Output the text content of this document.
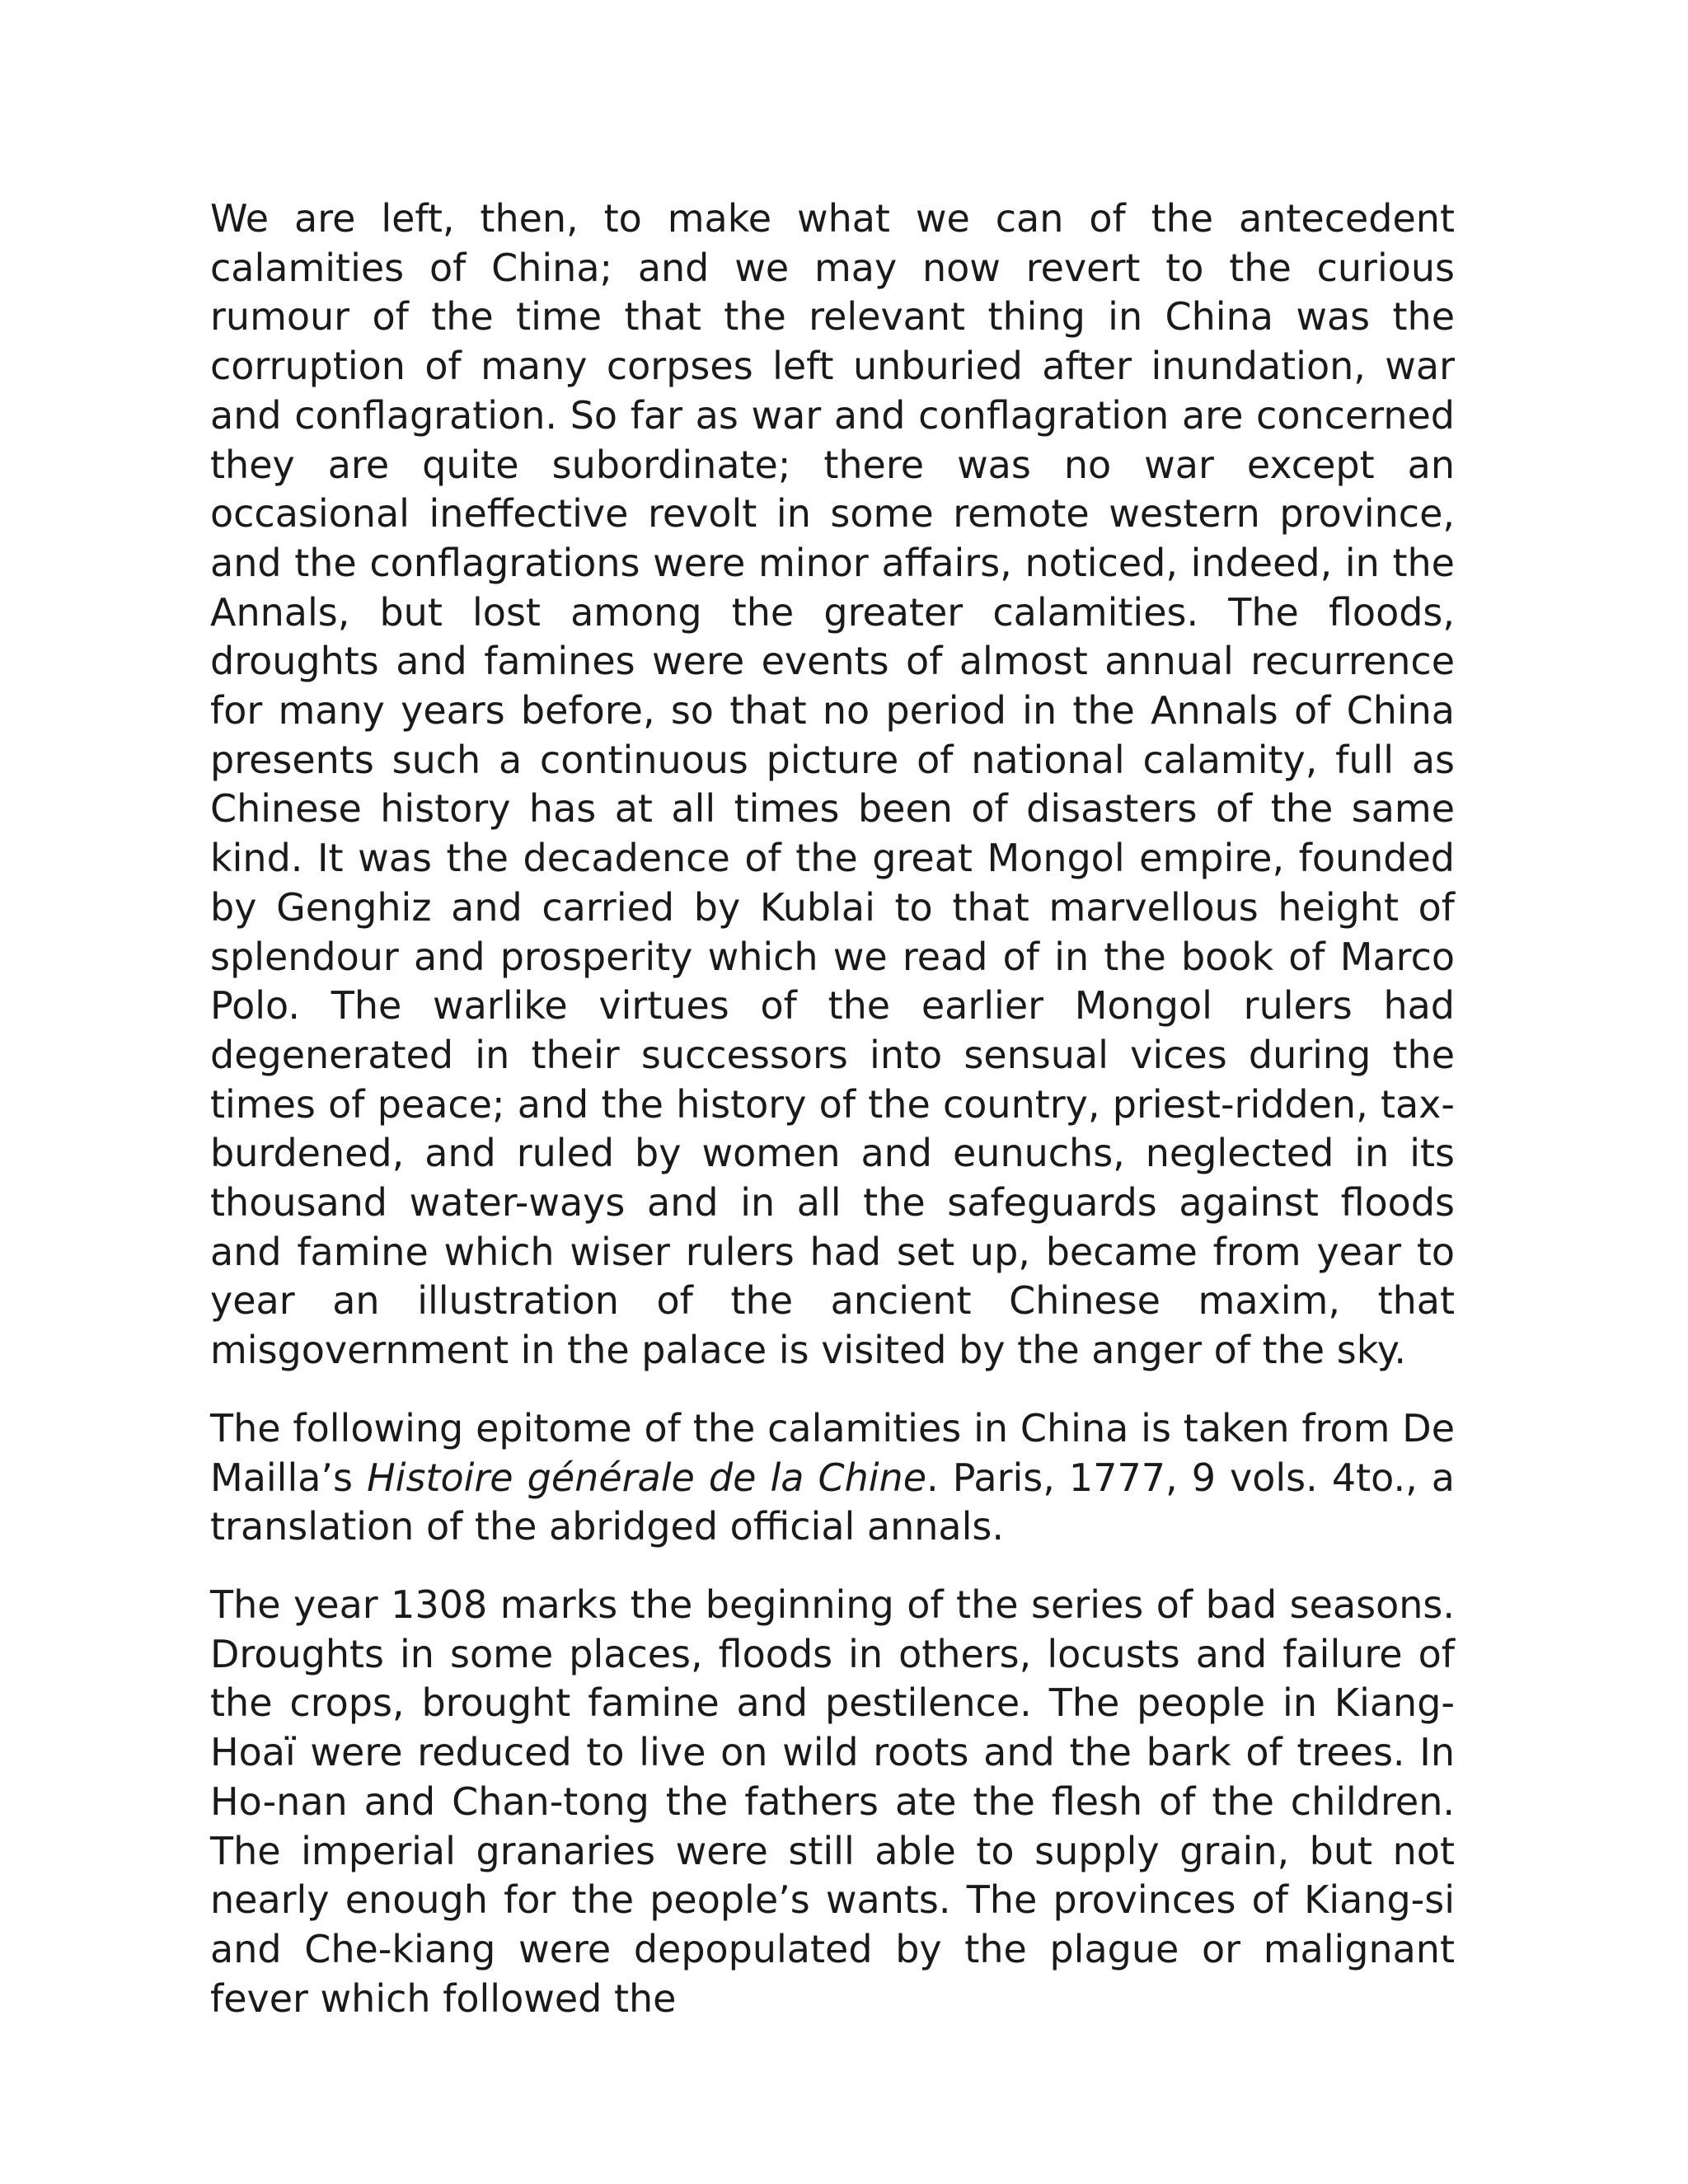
We are left, then, to make what we can of the antecedent calamities of China; and we may now revert to the curious rumour of the time that the relevant thing in China was the corruption of many corpses left unburied after inundation, war and conflagration. So far as war and conflagration are concerned they are quite subordinate; there was no war except an occasional ineffective revolt in some remote western province, and the conflagrations were minor affairs, noticed, indeed, in the Annals, but lost among the greater calamities. The floods, droughts and famines were events of almost annual recurrence for many years before, so that no period in the Annals of China presents such a continuous picture of national calamity, full as Chinese history has at all times been of disasters of the same kind. It was the decadence of the great Mongol empire, founded by Genghiz and carried by Kublai to that marvellous height of splendour and prosperity which we read of in the book of Marco Polo. The warlike virtues of the earlier Mongol rulers had degenerated in their successors into sensual vices during the times of peace; and the history of the country, priest-ridden, tax-burdened, and ruled by women and eunuchs, neglected in its thousand water-ways and in all the safeguards against floods and famine which wiser rulers had set up, became from year to year an illustration of the ancient Chinese maxim, that misgovernment in the palace is visited by the anger of the sky.

The following epitome of the calamities in China is taken from De Mailla’s Histoire générale de la Chine. Paris, 1777, 9 vols. 4to., a translation of the abridged official annals.

The year 1308 marks the beginning of the series of bad seasons. Droughts in some places, floods in others, locusts and failure of the crops, brought famine and pestilence. The people in Kiang-Hoaï were reduced to live on wild roots and the bark of trees. In Ho-nan and Chan-tong the fathers ate the flesh of the children. The imperial granaries were still able to supply grain, but not nearly enough for the people’s wants. The provinces of Kiang-si and Che-kiang were depopulated by the plague or malignant fever which followed the
